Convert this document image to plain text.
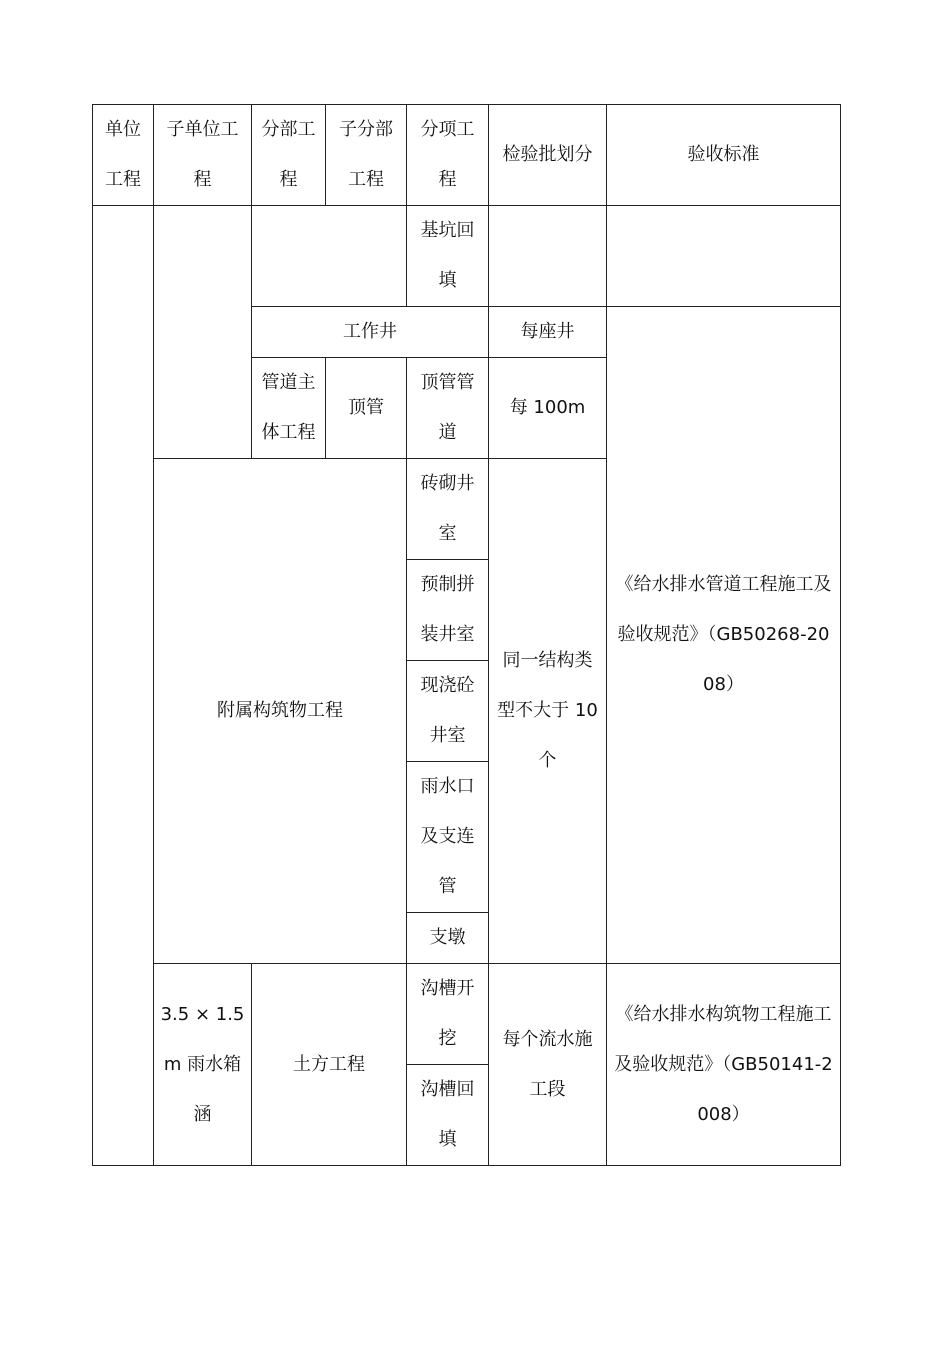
单位工程	子单位工程	分部工程	子分部工程	分项工程	检验批划分	验收标准

				基坑回填		

		工作井			每座井	《给水排水管道工程施工及验收规范》（GB50268-2008）

		管道主体工程	顶管	顶管管道	每 100m	

	附属构筑物工程			砖砌井室	同一结构类型不大于 10 个	

				预制拼装井室		

				现浇砼井室		

				雨水口及支连管		

				支墩		

	3.5 × 1.5m 雨水箱涵	土方工程		沟槽开挖	每个流水施工段	《给水排水构筑物工程施工及验收规范》（GB50141-2008）

				沟槽回填		
